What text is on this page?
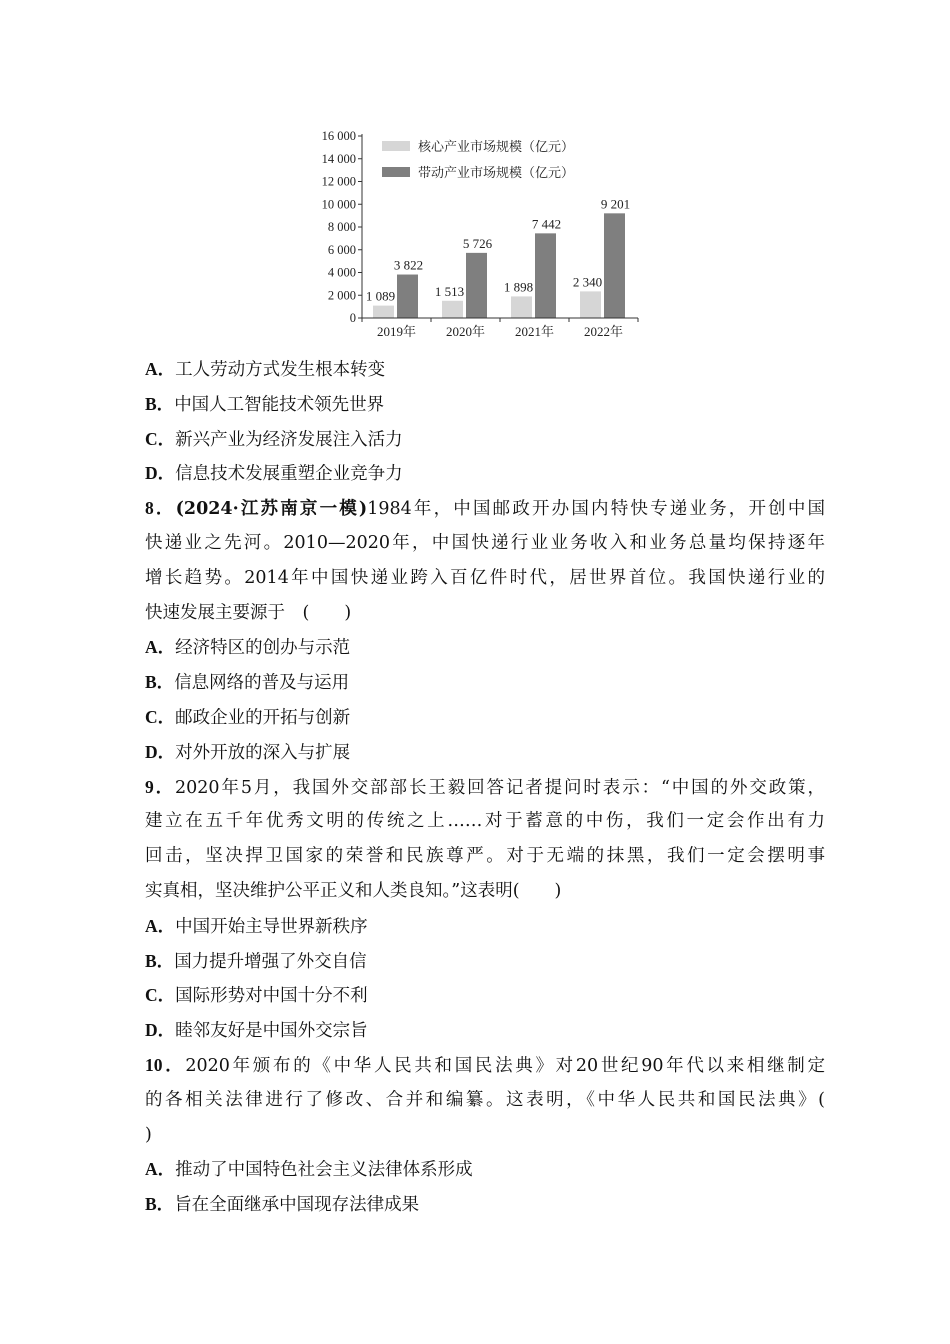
0
2 000
4 000
6 000
8 000
10 000
12 000
14 000
16 000
1 089	1 513	1 898	2 340
3 822
5 726
7 442
9 201
2019年 2020年 2021年 2022年
核心产业市场规模（亿元）
带动产业市场规模（亿元）
A．工人劳动方式发生根本转变
B．中国人工智能技术领先世界
C．新兴产业为经济发展注入活力
D．信息技术发展重塑企业竞争力
8．(2024·江苏南京一模)1984年，中国邮政开办国内特快专递业务，开创中国
快递业之先河。2010—2020年，中国快递行业业务收入和业务总量均保持逐年
增长趋势。2014年中国快递业跨入百亿件时代，居世界首位。我国快递行业的
快速发展主要源于　(　　)
A．经济特区的创办与示范
B．信息网络的普及与运用
C．邮政企业的开拓与创新
D．对外开放的深入与扩展
9．2020年5月，我国外交部部长王毅回答记者提问时表示：“中国的外交政策，
建立在五千年优秀文明的传统之上……对于蓄意的中伤，我们一定会作出有力
回击，坚决捍卫国家的荣誉和民族尊严。对于无端的抹黑，我们一定会摆明事
实真相，坚决维护公平正义和人类良知。”这表明(　　)
A．中国开始主导世界新秩序
B．国力提升增强了外交自信
C．国际形势对中国十分不利
D．睦邻友好是中国外交宗旨
10．2020年颁布的《中华人民共和国民法典》对20世纪90年代以来相继制定
的各相关法律进行了修改、合并和编纂。这表明，《中华人民共和国民法典》(
)
A．推动了中国特色社会主义法律体系形成
B．旨在全面继承中国现存法律成果
